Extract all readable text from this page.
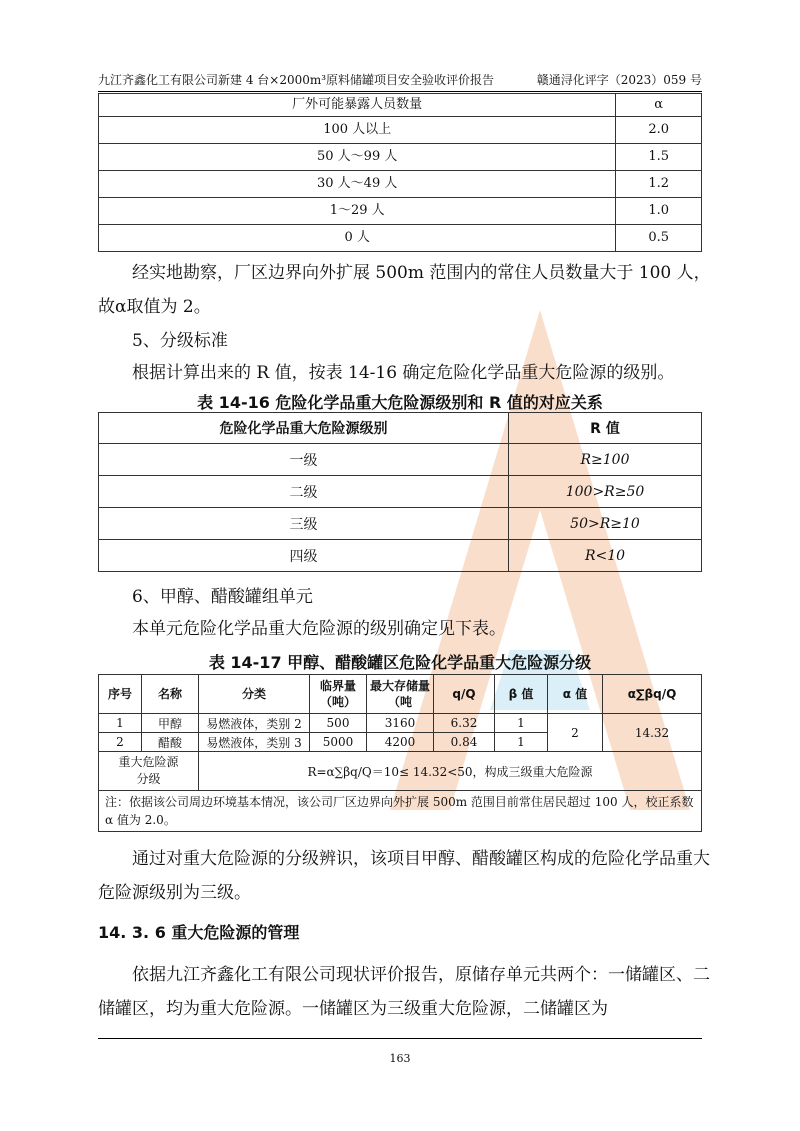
九江齐鑫化工有限公司新建 4 台×2000m³原料储罐项目安全验收评价报告	赣通浔化评字（2023）059 号
厂外可能暴露人员数量	α
100 人以上	2.0
50 人～99 人	1.5
30 人～49 人	1.2
1～29 人	1.0
0 人	0.5
经实地勘察，厂区边界向外扩展 500m 范围内的常住人员数量大于 100 人，故α取值为 2。
5、分级标准
根据计算出来的 R 值，按表 14-16 确定危险化学品重大危险源的级别。
表 14-16 危险化学品重大危险源级别和 R 值的对应关系
危险化学品重大危险源级别	R 值
一级	R≥100
二级	100>R≥50
三级	50>R≥10
四级	R<10
6、甲醇、醋酸罐组单元
本单元危险化学品重大危险源的级别确定见下表。
表 14-17 甲醇、醋酸罐区危险化学品重大危险源分级
序号	名称	分类	临界量（吨）	最大存储量（吨	q/Q	β 值	α 值	α∑βq/Q
1	甲醇	易燃液体，类别 2	500	3160	6.32	1	2	14.32
2	醋酸	易燃液体，类别 3	5000	4200	0.84	1		
重大危险源分级		R=α∑βq/Q＝10≤ 14.32<50，构成三级重大危险源						
注：依据该公司周边环境基本情况，该公司厂区边界向外扩展 500m 范围目前常住居民超过 100 人，校正系数 α 值为 2.0。								
通过对重大危险源的分级辨识，该项目甲醇、醋酸罐区构成的危险化学品重大危险源级别为三级。
14. 3. 6 重大危险源的管理
依据九江齐鑫化工有限公司现状评价报告，原储存单元共两个：一储罐区、二储罐区，均为重大危险源。一储罐区为三级重大危险源，二储罐区为
163
